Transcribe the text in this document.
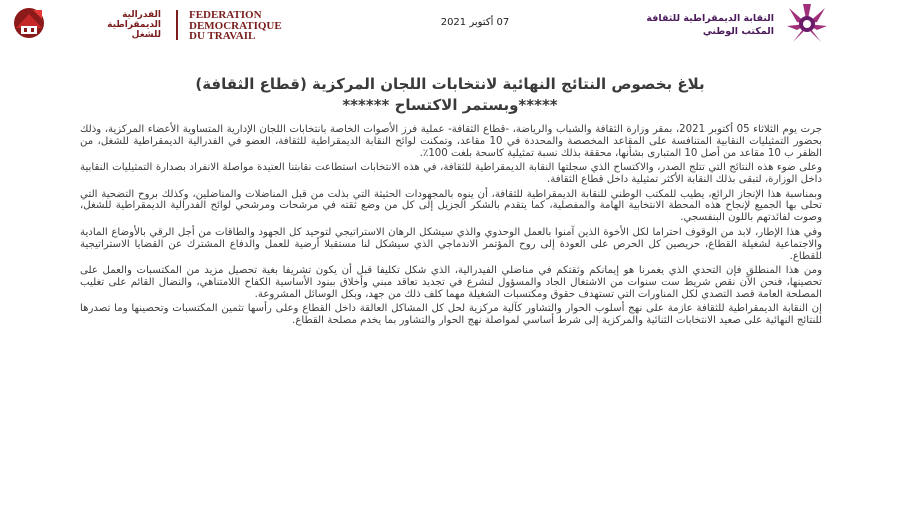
الفدرالية
الديمقراطية
للشغل
FEDERATION
DEMOCRATIQUE
DU TRAVAIL
07 أكتوبر 2021	النقابة الديمقراطية للثقافة
المكتب الوطني
بلاغ بخصوص النتائج النهائية لانتخابات اللجان المركزية (قطاع الثقافة)
*****وبستمر الاكتساح ******

جرت يوم الثلاثاء 05 أكتوبر 2021، بمقر وزارة الثقافة والشباب والرياضة، -قطاع الثقافة- عملية فرز الأصوات الخاصة بانتخابات اللجان الإدارية المتساوية الأعضاء المركزية، وذلك بحضور التمثيليات النقابية المتنافسة على المقاعد المخصصة والمحددة في 10 مقاعد، وتمكنت لوائح النقابة الديمقراطية للثقافة، العضو في الفدرالية الديمقراطية للشغل، من الظفر ب 10 مقاعد من أصل 10 المتبارى بشأنها، محققة بذلك نسبة تمثيلية كاسحة بلغت 100٪.

وعلى ضوء هذه النتائج التي تتلج الصدر، والاكتساح الذي سجلتها النقابة الديمقراطية للثقافة، في هذه الانتخابات استطاعت نقابتنا العتيدة مواصلة الانفراد بصدارة التمثيليات النقابية داخل الوزارة، لتبقى بذلك النقابة الأكثر تمثيلية داخل قطاع الثقافة.

وبمناسبة هذا الإنجاز الرائع، يطيب للمكتب الوطني للنقابة الديمقراطية للثقافة، أن ينوه بالمجهودات الحثيثة التي بذلت من قبل المناضلات والمناضلين، وكذلك بروح التضحية التي تحلى بها الجميع لإنجاح هذه المحطة الانتخابية الهامة والمفصلية، كما يتقدم بالشكر الجزيل إلى كل من وضع ثقته في مرشحات ومرشحي لوائح الفدرالية الديمقراطية للشغل، وصوت لفائدتهم باللون البنفسجي.

وفي هذا الإطار، لابد من الوقوف احتراما لكل الأخوة الذين آمنوا بالعمل الوحدوي والذي سيشكل الرهان الاستراتيجي لتوحيد كل الجهود والطاقات من أجل الرقي بالأوضاع المادية والاجتماعية لشغيلة القطاع، حريصين كل الحرص على العودة إلى روح المؤتمر الاندماجي الذي سيشكل لنا مستقبلا أرضية للعمل والدفاع المشترك عن القضايا الاستراتيجية للقطاع.

ومن هذا المنطلق فإن التحدي الذي يغمرنا هو إيمانكم وثقتكم في مناضلي الفيدرالية، الذي شكل تكليفا قبل أن يكون تشريفا بغية تحصيل مزيد من المكتسبات والعمل على تحصينها، فنحن الآن نقص شريط ست سنوات من الاشتغال الجاد والمسؤول لنشرع في تجديد تعاقد مبني وأخلاق ببنود الأساسية الكفاح اللامتناهي، والنضال القائم على تغليب المصلحة العامة قصد التصدي لكل المناورات التي تستهدف حقوق ومكتسبات الشغيلة مهما كلف ذلك من جهد، وبكل الوسائل المشروعة.

إن النقابة الديمقراطية للثقافة عازمة على نهج أسلوب الحوار والتشاور كآلية مركزية لحل كل المشاكل العالقة داخل القطاع وعلى رأسها تثمين المكتسبات وتحصينها وما تصدرها للنتائج النهائية على صعيد الانتخابات الثنائية والمركزية إلى شرط أساسي لمواصلة نهج الحوار والتشاور بما يخدم مصلحة القطاع.
